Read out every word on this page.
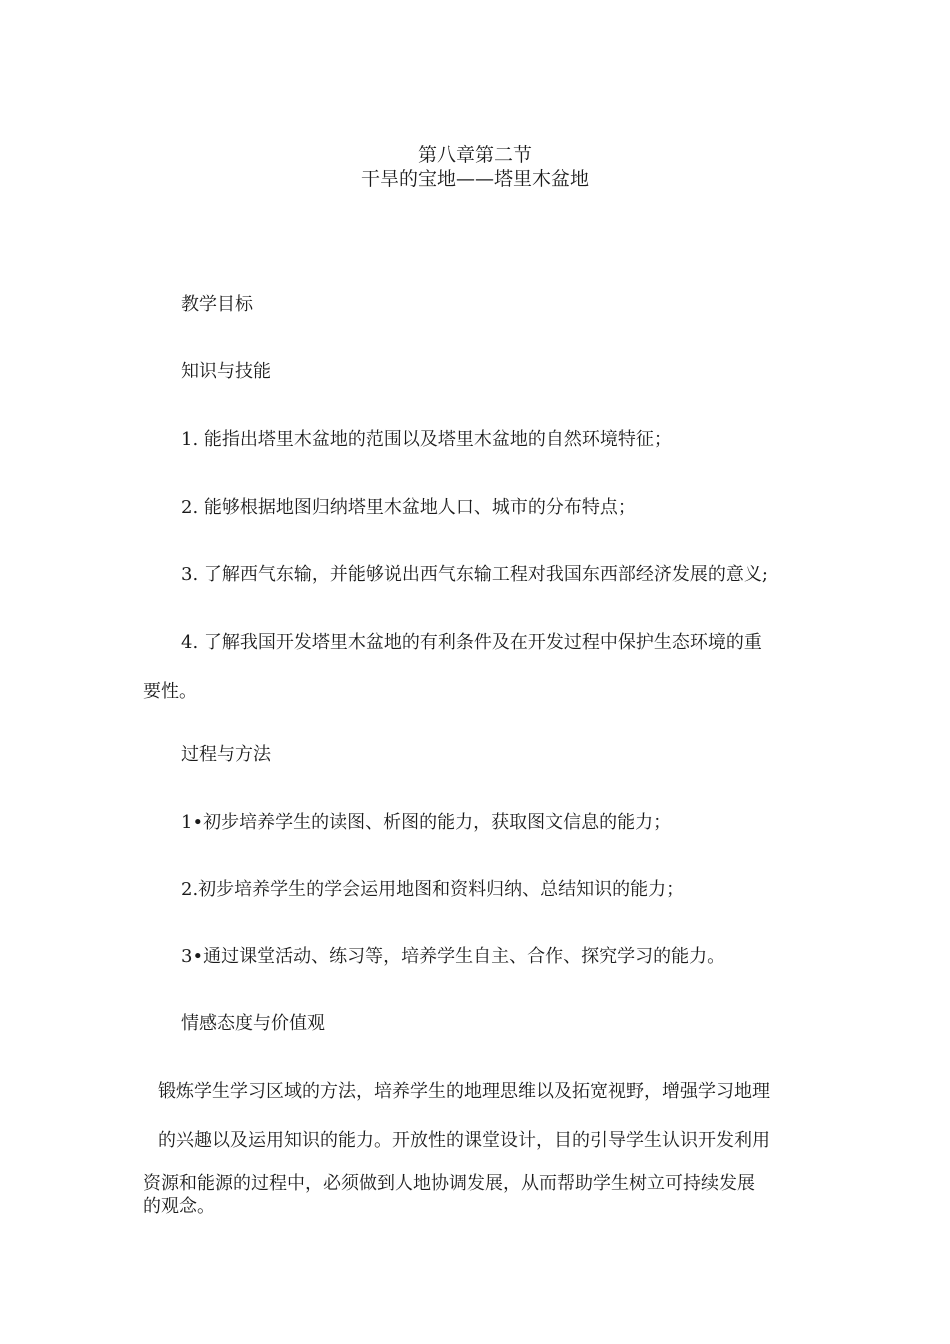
第八章第二节
干旱的宝地——塔里木盆地
教学目标
知识与技能
1. 能指出塔里木盆地的范围以及塔里木盆地的自然环境特征；
2. 能够根据地图归纳塔里木盆地人口、城市的分布特点；
3. 了解西气东输，并能够说出西气东输工程对我国东西部经济发展的意义;
4. 了解我国开发塔里木盆地的有利条件及在开发过程中保护生态环境的重
要性。
过程与方法
1•初步培养学生的读图、析图的能力，获取图文信息的能力；
2.初步培养学生的学会运用地图和资料归纳、总结知识的能力；
3•通过课堂活动、练习等，培养学生自主、合作、探究学习的能力。
情感态度与价值观
锻炼学生学习区域的方法，培养学生的地理思维以及拓宽视野，增强学习地理
的兴趣以及运用知识的能力。开放性的课堂设计，目的引导学生认识开发利用
资源和能源的过程中，必须做到人地协调发展，从而帮助学生树立可持续发展
的观念。
